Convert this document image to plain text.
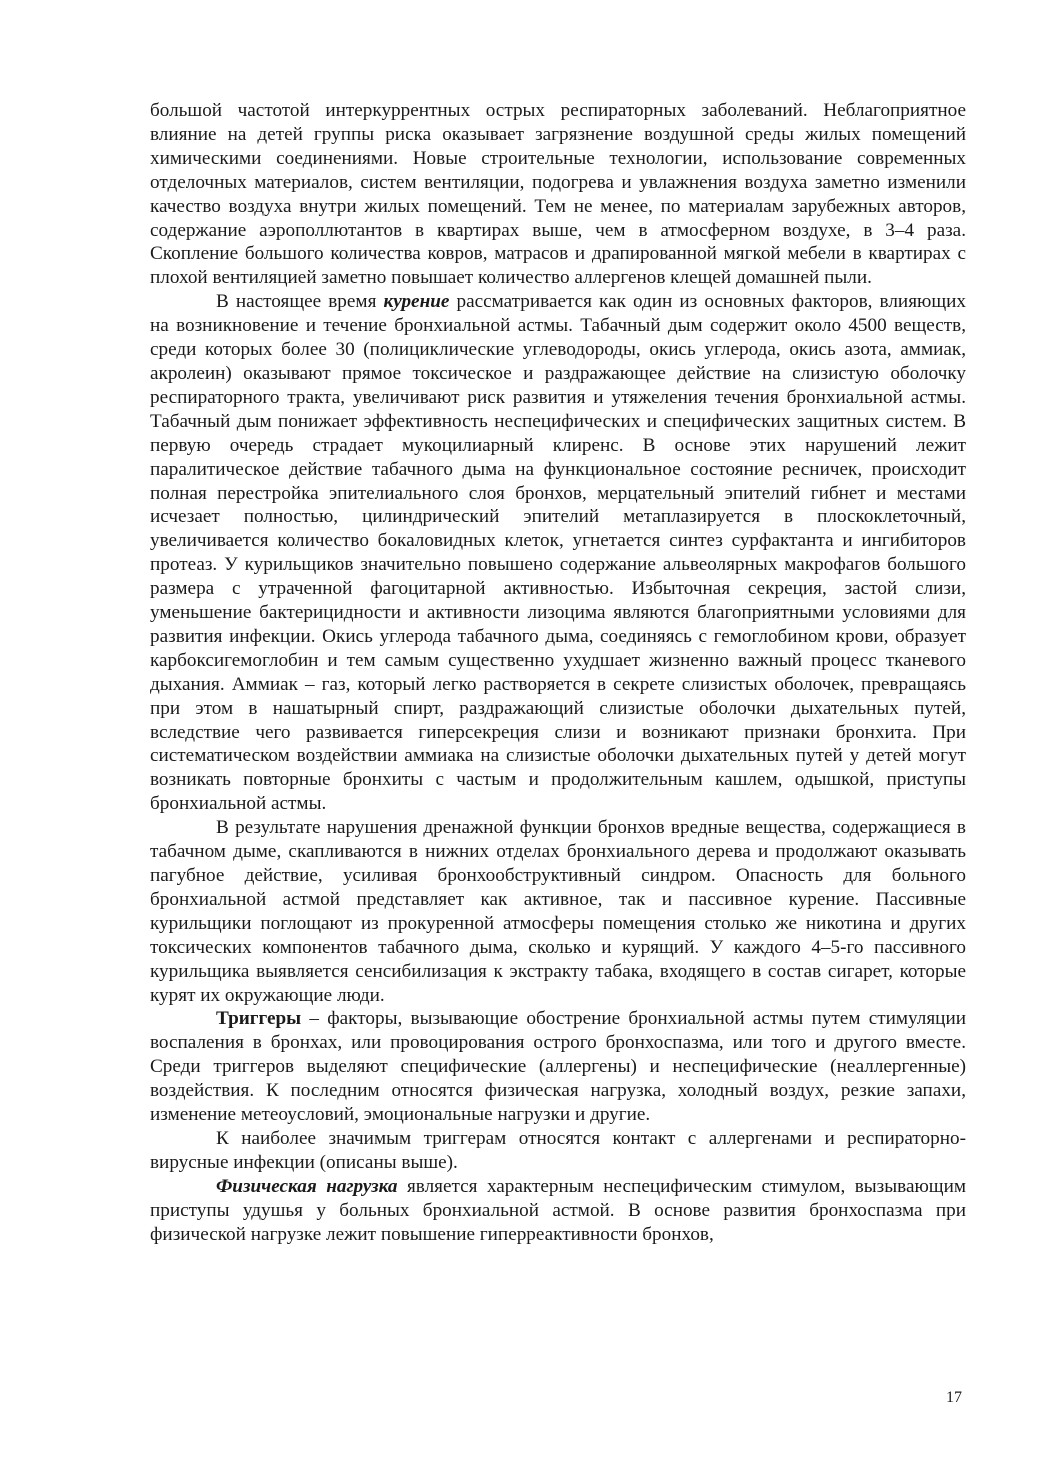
большой частотой интеркуррентных острых респираторных заболеваний. Неблагоприятное влияние на детей группы риска оказывает загрязнение воздушной среды жилых помещений химическими соединениями. Новые строительные технологии, использование современных отделочных материалов, систем вентиляции, подогрева и увлажнения воздуха заметно изменили качество воздуха внутри жилых помещений. Тем не менее, по материалам зарубежных авторов, содержание аэрополлютантов в квартирах выше, чем в атмосферном воздухе, в 3–4 раза. Скопление большого количества ковров, матрасов и драпированной мягкой мебели в квартирах с плохой вентиляцией заметно повышает количество аллергенов клещей домашней пыли.

В настоящее время курение рассматривается как один из основных факторов, влияющих на возникновение и течение бронхиальной астмы. Табачный дым содержит около 4500 веществ, среди которых более 30 (полициклические углеводороды, окись углерода, окись азота, аммиак, акролеин) оказывают прямое токсическое и раздражающее действие на слизистую оболочку респираторного тракта, увеличивают риск развития и утяжеления течения бронхиальной астмы. Табачный дым понижает эффективность неспецифических и специфических защитных систем. В первую очередь страдает мукоцилиарный клиренс. В основе этих нарушений лежит паралитическое действие табачного дыма на функциональное состояние ресничек, происходит полная перестройка эпителиального слоя бронхов, мерцательный эпителий гибнет и местами исчезает полностью, цилиндрический эпителий метаплазируется в плоскоклеточный, увеличивается количество бокаловидных клеток, угнетается синтез сурфактанта и ингибиторов протеаз. У курильщиков значительно повышено содержание альвеолярных макрофагов большого размера с утраченной фагоцитарной активностью. Избыточная секреция, застой слизи, уменьшение бактерицидности и активности лизоцима являются благоприятными условиями для развития инфекции. Окись углерода табачного дыма, соединяясь с гемоглобином крови, образует карбоксигемоглобин и тем самым существенно ухудшает жизненно важный процесс тканевого дыхания. Аммиак – газ, который легко растворяется в секрете слизистых оболочек, превращаясь при этом в нашатырный спирт, раздражающий слизистые оболочки дыхательных путей, вследствие чего развивается гиперсекреция слизи и возникают признаки бронхита. При систематическом воздействии аммиака на слизистые оболочки дыхательных путей у детей могут возникать повторные бронхиты с частым и продолжительным кашлем, одышкой, приступы бронхиальной астмы.

В результате нарушения дренажной функции бронхов вредные вещества, содержащиеся в табачном дыме, скапливаются в нижних отделах бронхиального дерева и продолжают оказывать пагубное действие, усиливая бронхообструктивный синдром. Опасность для больного бронхиальной астмой представляет как активное, так и пассивное курение. Пассивные курильщики поглощают из прокуренной атмосферы помещения столько же никотина и других токсических компонентов табачного дыма, сколько и курящий. У каждого 4–5-го пассивного курильщика выявляется сенсибилизация к экстракту табака, входящего в состав сигарет, которые курят их окружающие люди.

Триггеры – факторы, вызывающие обострение бронхиальной астмы путем стимуляции воспаления в бронхах, или провоцирования острого бронхоспазма, или того и другого вместе. Среди триггеров выделяют специфические (аллергены) и неспецифические (неаллергенные) воздействия. К последним относятся физическая нагрузка, холодный воздух, резкие запахи, изменение метеоусловий, эмоциональные нагрузки и другие.

К наиболее значимым триггерам относятся контакт с аллергенами и респираторно-вирусные инфекции (описаны выше).

Физическая нагрузка является характерным неспецифическим стимулом, вызывающим приступы удушья у больных бронхиальной астмой. В основе развития бронхоспазма при физической нагрузке лежит повышение гиперреактивности бронхов,

17
